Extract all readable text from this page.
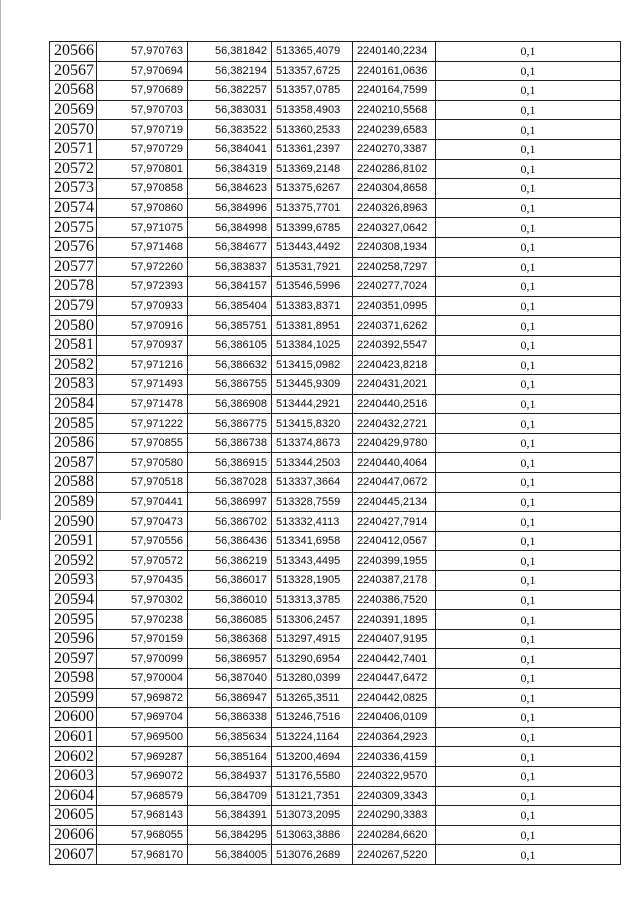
20566	57,970763	56,381842	513365,4079	2240140,2234	0,1
20567	57,970694	56,382194	513357,6725	2240161,0636	0,1
20568	57,970689	56,382257	513357,0785	2240164,7599	0,1
20569	57,970703	56,383031	513358,4903	2240210,5568	0,1
20570	57,970719	56,383522	513360,2533	2240239,6583	0,1
20571	57,970729	56,384041	513361,2397	2240270,3387	0,1
20572	57,970801	56,384319	513369,2148	2240286,8102	0,1
20573	57,970858	56,384623	513375,6267	2240304,8658	0,1
20574	57,970860	56,384996	513375,7701	2240326,8963	0,1
20575	57,971075	56,384998	513399,6785	2240327,0642	0,1
20576	57,971468	56,384677	513443,4492	2240308,1934	0,1
20577	57,972260	56,383837	513531,7921	2240258,7297	0,1
20578	57,972393	56,384157	513546,5996	2240277,7024	0,1
20579	57,970933	56,385404	513383,8371	2240351,0995	0,1
20580	57,970916	56,385751	513381,8951	2240371,6262	0,1
20581	57,970937	56,386105	513384,1025	2240392,5547	0,1
20582	57,971216	56,386632	513415,0982	2240423,8218	0,1
20583	57,971493	56,386755	513445,9309	2240431,2021	0,1
20584	57,971478	56,386908	513444,2921	2240440,2516	0,1
20585	57,971222	56,386775	513415,8320	2240432,2721	0,1
20586	57,970855	56,386738	513374,8673	2240429,9780	0,1
20587	57,970580	56,386915	513344,2503	2240440,4064	0,1
20588	57,970518	56,387028	513337,3664	2240447,0672	0,1
20589	57,970441	56,386997	513328,7559	2240445,2134	0,1
20590	57,970473	56,386702	513332,4113	2240427,7914	0,1
20591	57,970556	56,386436	513341,6958	2240412,0567	0,1
20592	57,970572	56,386219	513343,4495	2240399,1955	0,1
20593	57,970435	56,386017	513328,1905	2240387,2178	0,1
20594	57,970302	56,386010	513313,3785	2240386,7520	0,1
20595	57,970238	56,386085	513306,2457	2240391,1895	0,1
20596	57,970159	56,386368	513297,4915	2240407,9195	0,1
20597	57,970099	56,386957	513290,6954	2240442,7401	0,1
20598	57,970004	56,387040	513280,0399	2240447,6472	0,1
20599	57,969872	56,386947	513265,3511	2240442,0825	0,1
20600	57,969704	56,386338	513246,7516	2240406,0109	0,1
20601	57,969500	56,385634	513224,1164	2240364,2923	0,1
20602	57,969287	56,385164	513200,4694	2240336,4159	0,1
20603	57,969072	56,384937	513176,5580	2240322,9570	0,1
20604	57,968579	56,384709	513121,7351	2240309,3343	0,1
20605	57,968143	56,384391	513073,2095	2240290,3383	0,1
20606	57,968055	56,384295	513063,3886	2240284,6620	0,1
20607	57,968170	56,384005	513076,2689	2240267,5220	0,1
